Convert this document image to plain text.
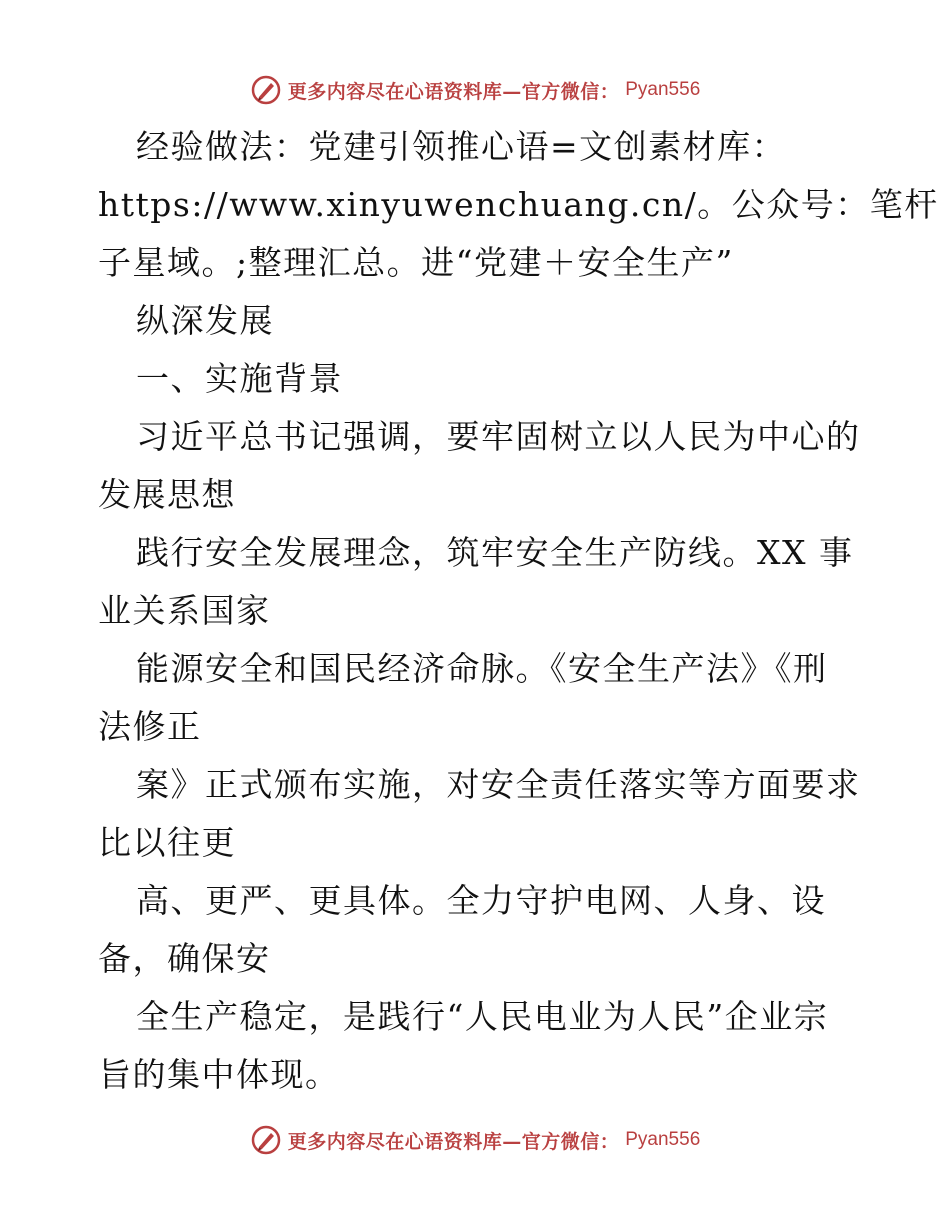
更多内容尽在心语资料库—官方微信： Pyan556
经验做法：党建引领推心语=文创素材库：
https://www.xinyuwenchuang.cn/。公众号：笔杆
子星域。;整理汇总。进“党建＋安全生产”
纵深发展
一、实施背景
习近平总书记强调，要牢固树立以人民为中心的
发展思想
践行安全发展理念，筑牢安全生产防线。XX 事
业关系国家
能源安全和国民经济命脉。《安全生产法》《刑
法修正
案》正式颁布实施，对安全责任落实等方面要求
比以往更
高、更严、更具体。全力守护电网、人身、设
备，确保安
全生产稳定，是践行“人民电业为人民”企业宗
旨的集中体现。
更多内容尽在心语资料库—官方微信： Pyan556
